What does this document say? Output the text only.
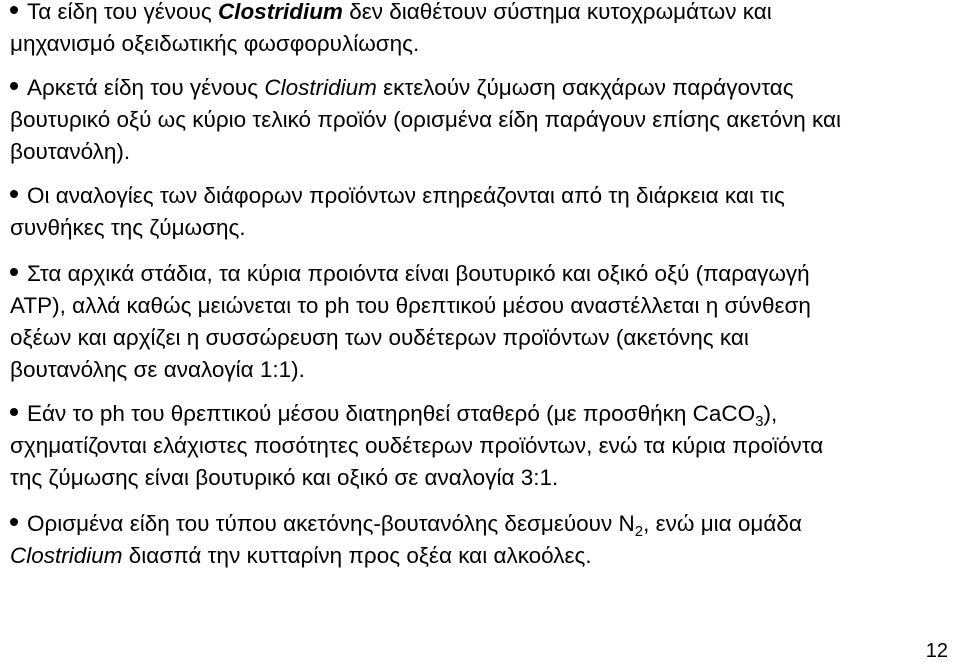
Τα είδη του γένους Clostridium δεν διαθέτουν σύστημα κυτοχρωμάτων και
μηχανισμό οξειδωτικής φωσφορυλίωσης.
Αρκετά είδη του γένους Clostridium εκτελούν ζύμωση σακχάρων παράγοντας
βουτυρικό οξύ ως κύριο τελικό προϊόν (ορισμένα είδη παράγουν επίσης ακετόνη και
βουτανόλη).
Οι αναλογίες των διάφορων προϊόντων επηρεάζονται από τη διάρκεια και τις
συνθήκες της ζύμωσης.
Στα αρχικά στάδια, τα κύρια προιόντα είναι βουτυρικό και οξικό οξύ (παραγωγή
ATP), αλλά καθώς μειώνεται το ph του θρεπτικού μέσου αναστέλλεται η σύνθεση
οξέων και αρχίζει η συσσώρευση των ουδέτερων προϊόντων (ακετόνης και
βουτανόλης σε αναλογία 1:1).
Εάν το ph του θρεπτικού μέσου διατηρηθεί σταθερό (με προσθήκη CaCO$_3$),
σχηματίζονται ελάχιστες ποσότητες ουδέτερων προϊόντων, ενώ τα κύρια προϊόντα
της ζύμωσης είναι βουτυρικό και οξικό σε αναλογία 3:1.
Ορισμένα είδη του τύπου ακετόνης-βουτανόλης δεσμεύουν $N_2$, ενώ μια ομάδα
Clostridium διασπά την κυτταρίνη προς οξέα και αλκοόλες.
12
